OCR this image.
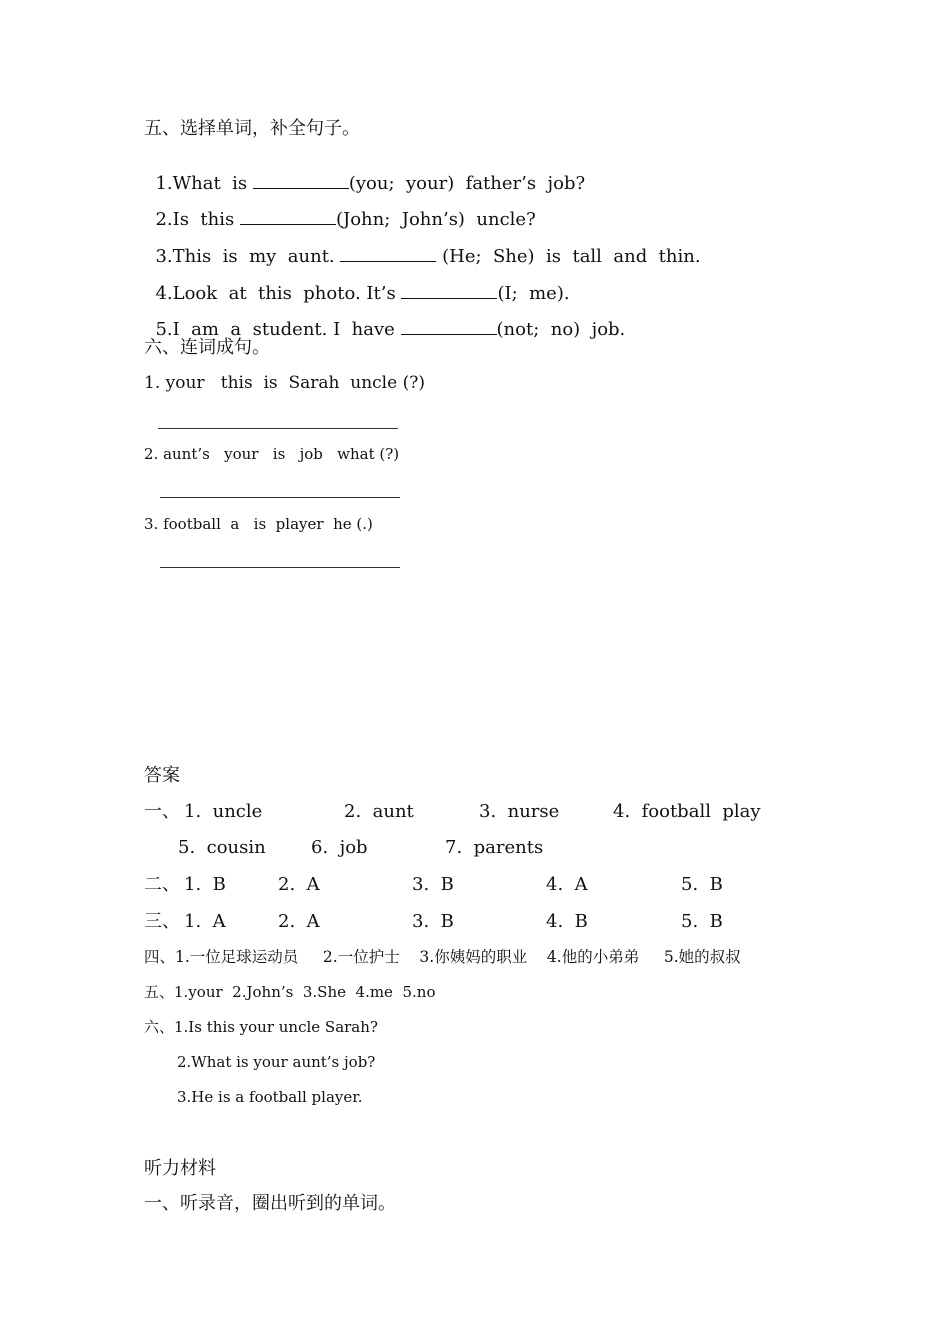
五、选择单词，补全句子。

1.What  is	(you;  your)  father’s  job?

2.Is  this	(John;  John’s)  uncle?

3.This  is  my  aunt.	(He;  She)  is  tall  and  thin.

4.Look  at  this  photo. It’s	(I;  me).

5.I  am  a  student. I  have	(not;  no)  job.

六、连词成句。
1. your   this  is  Sarah  uncle (?)
2. aunt’s   your   is   job   what (?)
3. football  a   is  player  he (.)
答案
一、 1.  uncle	2.  aunt	3.  nurse	4.  football  play
5.  cousin	6.  job	7.  parents
二、 1.  B	2.  A	3.  B	4.  A	5.  B
三、 1.  A	2.  A	3.  B	4.  B	5.  B
四、1.一位足球运动员     2.一位护士    3.你姨妈的职业    4.他的小弟弟     5.她的叔叔
五、1.your  2.John’s  3.She  4.me  5.no
六、1.Is this your uncle Sarah?
2.What is your aunt’s job?
3.He is a football player.
听力材料
一、听录音，圈出听到的单词。
